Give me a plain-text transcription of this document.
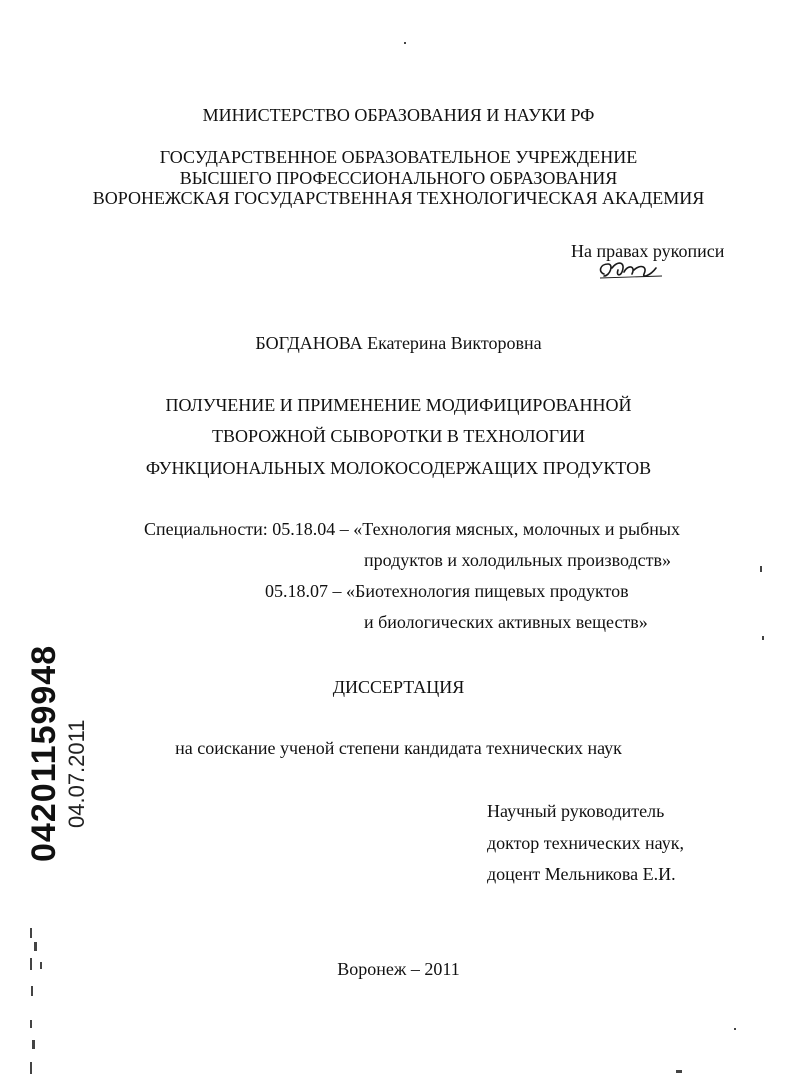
МИНИСТЕРСТВО ОБРАЗОВАНИЯ И НАУКИ РФ
ГОСУДАРСТВЕННОЕ ОБРАЗОВАТЕЛЬНОЕ УЧРЕЖДЕНИЕ
ВЫСШЕГО ПРОФЕССИОНАЛЬНОГО ОБРАЗОВАНИЯ
ВОРОНЕЖСКАЯ ГОСУДАРСТВЕННАЯ ТЕХНОЛОГИЧЕСКАЯ АКАДЕМИЯ
На правах рукописи
БОГДАНОВА Екатерина Викторовна
ПОЛУЧЕНИЕ И ПРИМЕНЕНИЕ МОДИФИЦИРОВАННОЙ
ТВОРОЖНОЙ СЫВОРОТКИ В ТЕХНОЛОГИИ
ФУНКЦИОНАЛЬНЫХ МОЛОКОСОДЕРЖАЩИХ ПРОДУКТОВ
Специальности: 05.18.04 – «Технология мясных, молочных и рыбных
продуктов и холодильных производств»
05.18.07 – «Биотехнология пищевых продуктов
и биологических активных веществ»
ДИССЕРТАЦИЯ
на соискание ученой степени кандидата технических наук
Научный руководитель
доктор технических наук,
доцент Мельникова Е.И.
Воронеж – 2011
04201159948 04.07.2011
